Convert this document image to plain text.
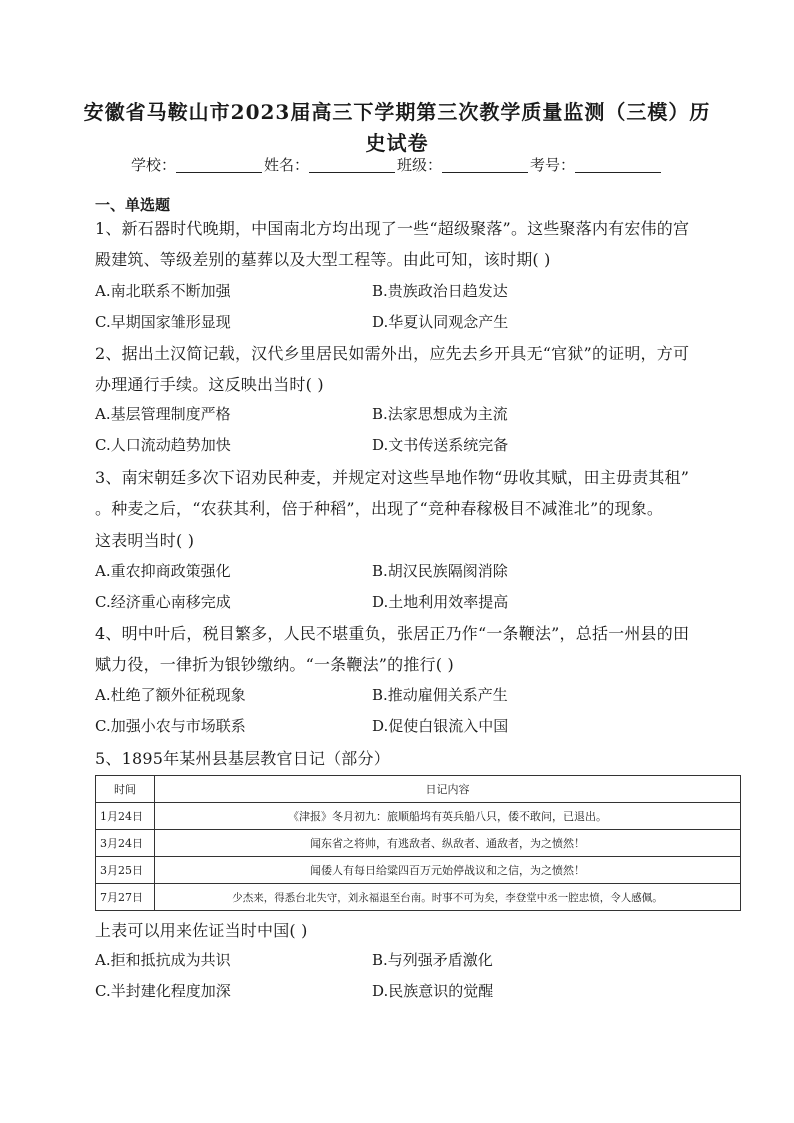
安徽省马鞍山市2023届高三下学期第三次教学质量监测（三模）历
史试卷
学校：	姓名：	班级：	考号：
一、单选题
1、新石器时代晚期，中国南北方均出现了一些“超级聚落”。这些聚落内有宏伟的宫
殿建筑、等级差别的墓葬以及大型工程等。由此可知，该时期( )
A.南北联系不断加强	B.贵族政治日趋发达
C.早期国家雏形显现	D.华夏认同观念产生
2、据出土汉简记载，汉代乡里居民如需外出，应先去乡开具无“官狱”的证明，方可
办理通行手续。这反映出当时( )
A.基层管理制度严格	B.法家思想成为主流
C.人口流动趋势加快	D.文书传送系统完备
3、南宋朝廷多次下诏劝民种麦，并规定对这些旱地作物“毋收其赋，田主毋责其租”
。种麦之后，“农获其利，倍于种稻”，出现了“竞种春稼极目不减淮北”的现象。
这表明当时( )
A.重农抑商政策强化	B.胡汉民族隔阂消除
C.经济重心南移完成	D.土地利用效率提高
4、明中叶后，税目繁多，人民不堪重负，张居正乃作“一条鞭法”，总括一州县的田
赋力役，一律折为银钞缴纳。“一条鞭法”的推行( )
A.杜绝了额外征税现象	B.推动雇佣关系产生
C.加强小农与市场联系	D.促使白银流入中国
5、1895年某州县基层教官日记（部分）
时间	日记内容
1月24日	《津报》冬月初九：旅顺船坞有英兵船八只，倭不敢问，已退出。
3月24日	闻东省之将帅，有逃敌者、纵敌者、通敌者，为之愤然！
3月25日	闻倭人有每日给粱四百万元始停战议和之信，为之愤然！
7月27日	少杰来，得悉台北失守，刘永福退至台南。时事不可为矣，李登堂中丞一腔忠愤，令人感佩。
上表可以用来佐证当时中国( )
A.拒和抵抗成为共识	B.与列强矛盾激化
C.半封建化程度加深	D.民族意识的觉醒
